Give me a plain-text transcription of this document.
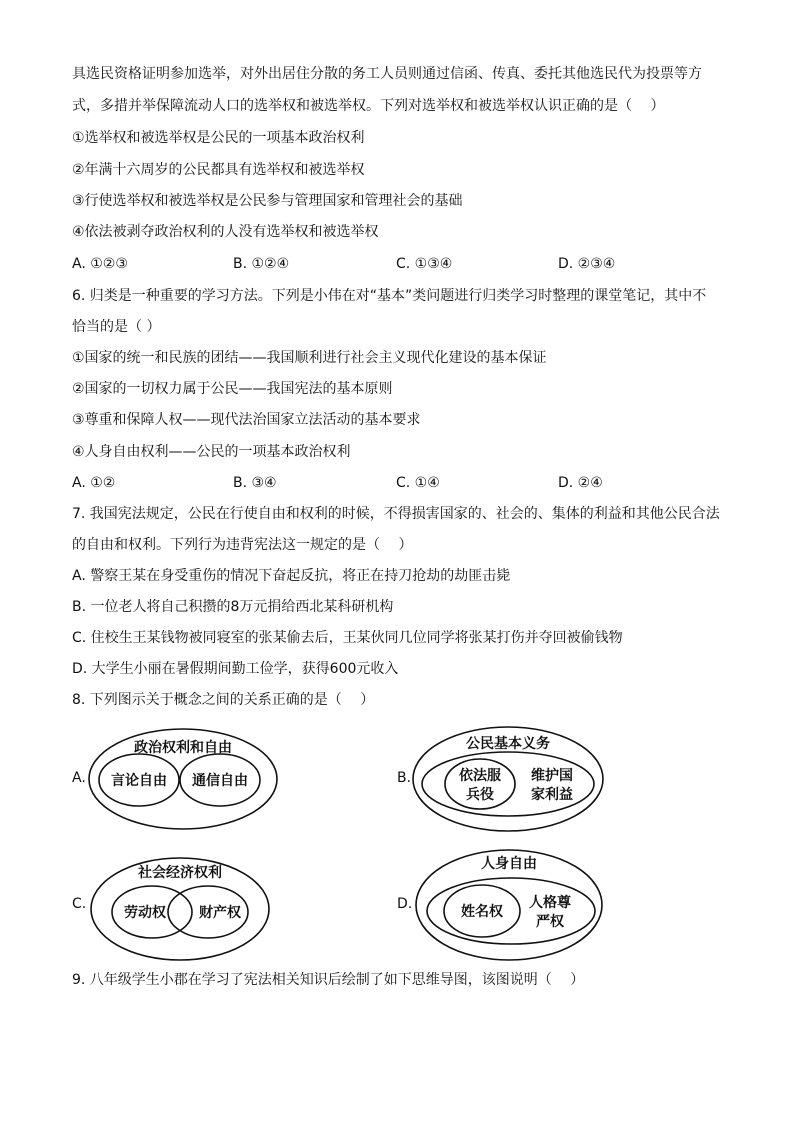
具选民资格证明参加选举，对外出居住分散的务工人员则通过信函、传真、委托其他选民代为投票等方
式，多措并举保障流动人口的选举权和被选举权。下列对选举权和被选举权认识正确的是（　 ）
①选举权和被选举权是公民的一项基本政治权利
②年满十六周岁的公民都具有选举权和被选举权
③行使选举权和被选举权是公民参与管理国家和管理社会的基础
④依法被剥夺政治权利的人没有选举权和被选举权
A. ①②③	B. ①②④	C. ①③④	D. ②③④
6. 归类是一种重要的学习方法。下列是小伟在对“基本”类问题进行归类学习时整理的课堂笔记，其中不
恰当的是（ ）
①国家的统一和民族的团结——我国顺利进行社会主义现代化建设的基本保证
②国家的一切权力属于公民——我国宪法的基本原则
③尊重和保障人权——现代法治国家立法活动的基本要求
④人身自由权利——公民的一项基本政治权利
A. ①②	B. ③④	C. ①④	D. ②④
7. 我国宪法规定，公民在行使自由和权利的时候，不得损害国家的、社会的、集体的利益和其他公民合法
的自由和权利。下列行为违背宪法这一规定的是（　 ）
A. 警察王某在身受重伤的情况下奋起反抗，将正在持刀抢劫的劫匪击毙
B. 一位老人将自己积攒的8万元捐给西北某科研机构
C. 住校生王某钱物被同寝室的张某偷去后，王某伙同几位同学将张某打伤并夺回被偷钱物
D. 大学生小丽在暑假期间勤工俭学，获得600元收入
8. 下列图示关于概念之间的关系正确的是（　 ）
A.
政治权利和自由
言论自由 通信自由	B.
公民基本义务
依法服
兵役
维护国
家利益
C.
社会经济权利
劳动权 财产权
D.
人身自由
姓名权
人格尊
严权
9. 八年级学生小郡在学习了宪法相关知识后绘制了如下思维导图，该图说明（　 ）
